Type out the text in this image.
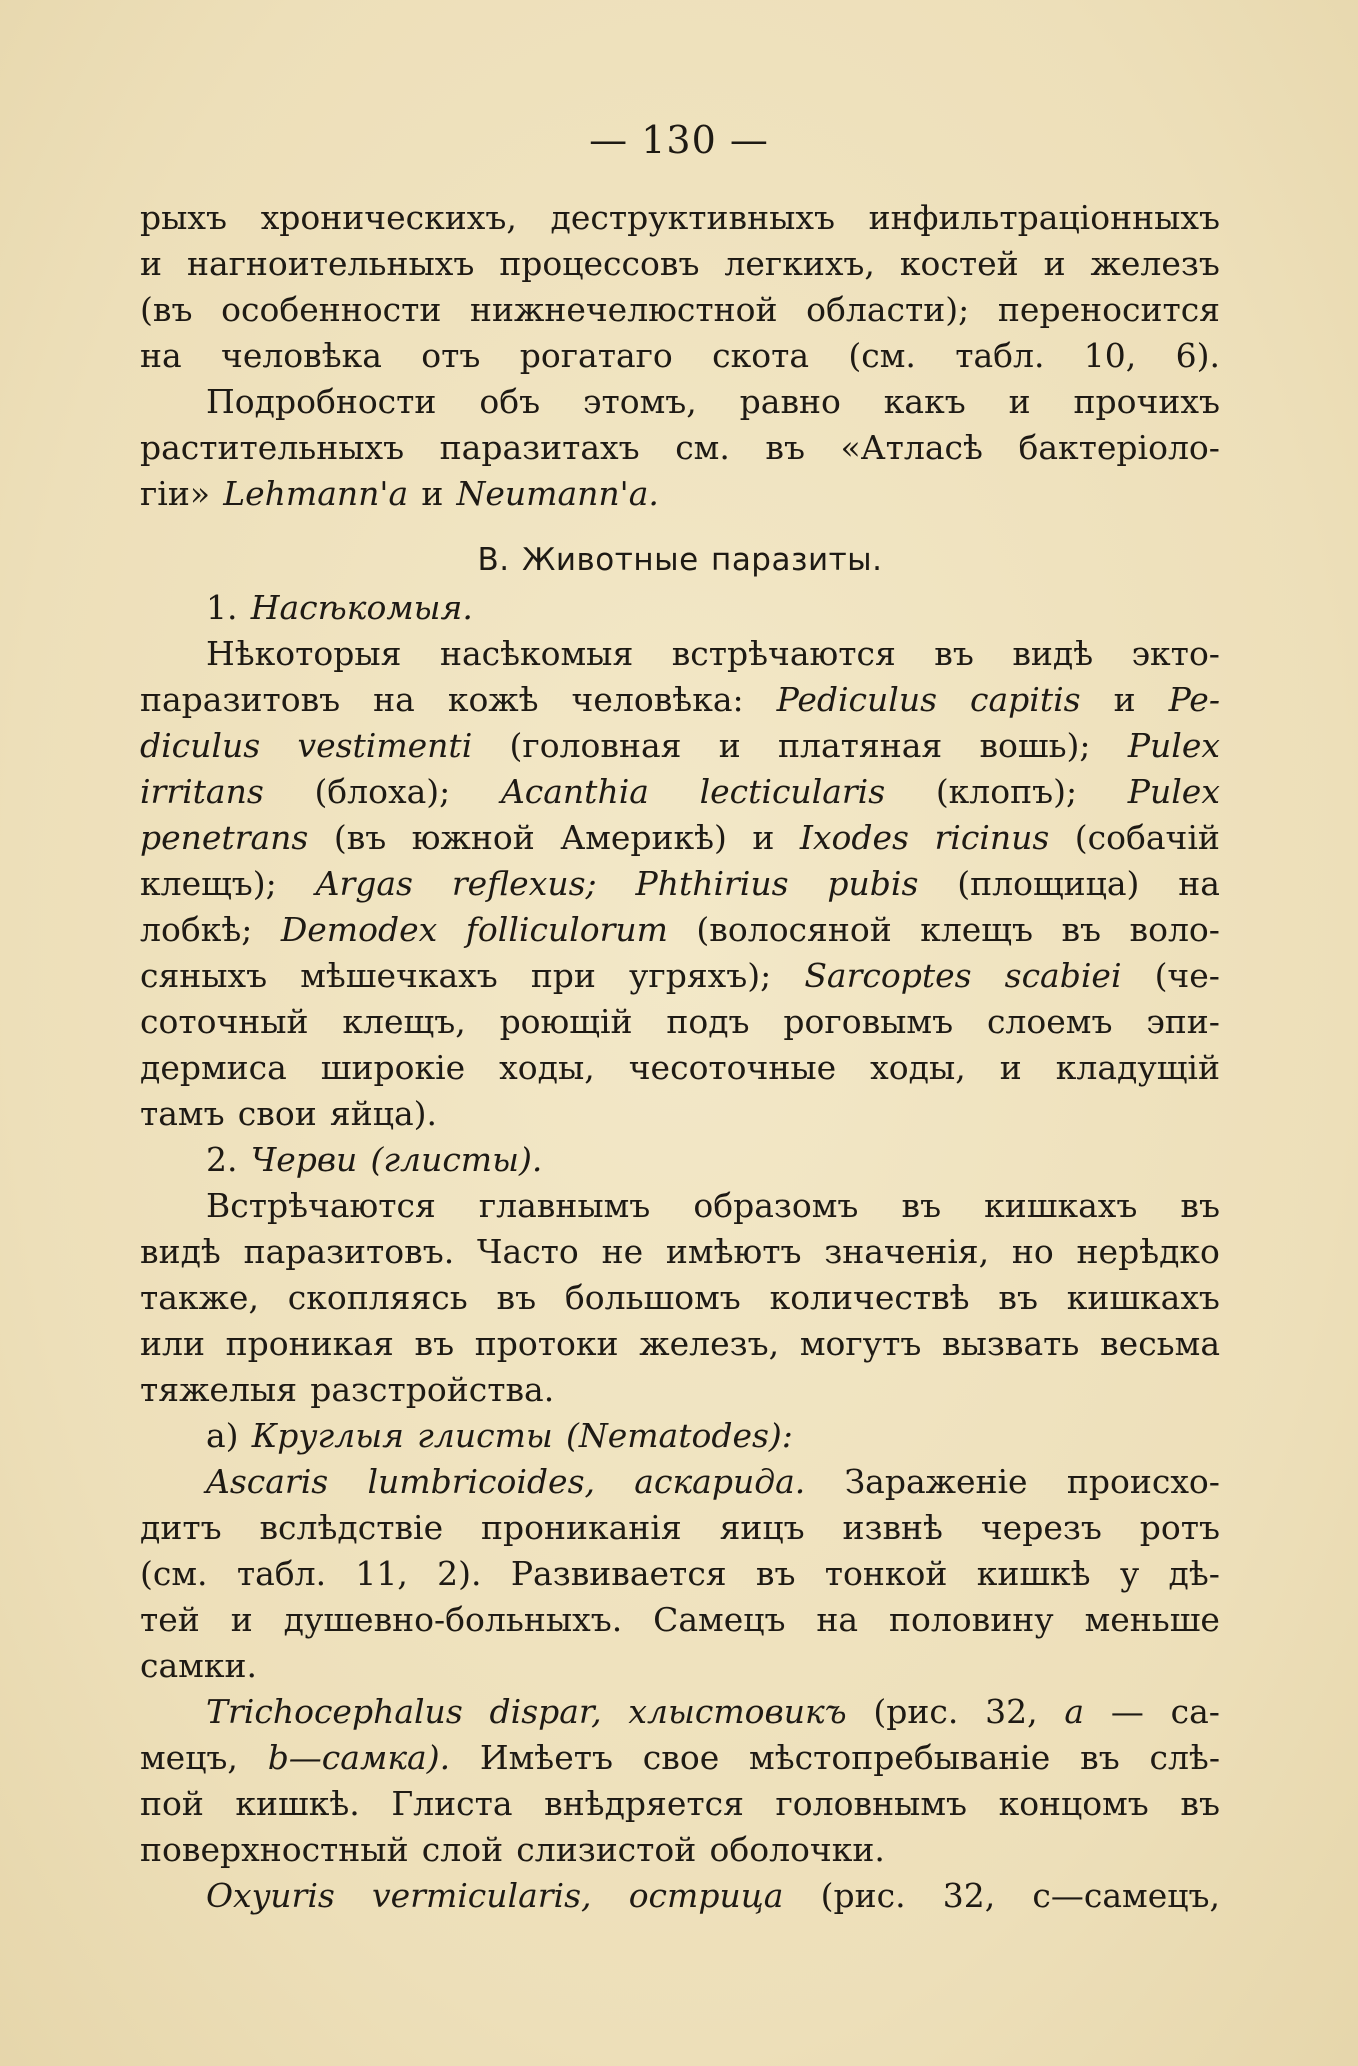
— 130 —
рыхъ хроническихъ, деструктивныхъ инфильтраціонныхъ
и нагноительныхъ процессовъ легкихъ, костей и железъ
(въ особенности нижнечелюстной области); переносится
на человѣка отъ рогатаго скота (см. табл. 10, 6).
Подробности объ этомъ, равно какъ и прочихъ
растительныхъ паразитахъ см. въ «Атласѣ бактеріоло-
гіи» Lehmann'a и Neumann'a.
В. Животные паразиты.
1. Насѣкомыя.
Нѣкоторыя насѣкомыя встрѣчаются въ видѣ экто-
паразитовъ на кожѣ человѣка: Pediculus capitis и Pe-
diculus vestimenti (головная и платяная вошь); Pulex
irritans (блоха); Acanthia lecticularis (клопъ); Pulex
penetrans (въ южной Америкѣ) и Ixodes ricinus (собачій
клещъ); Argas reflexus; Phthirius pubis (площица) на
лобкѣ; Demodex folliculorum (волосяной клещъ въ воло-
сяныхъ мѣшечкахъ при угряхъ); Sarcoptes scabiei (че-
соточный клещъ, роющій подъ роговымъ слоемъ эпи-
дермиса широкіе ходы, чесоточные ходы, и кладущій
тамъ свои яйца).
2. Черви (глисты).
Встрѣчаются главнымъ образомъ въ кишкахъ въ
видѣ паразитовъ. Часто не имѣютъ значенія, но нерѣдко
также, скопляясь въ большомъ количествѣ въ кишкахъ
или проникая въ протоки железъ, могутъ вызвать весьма
тяжелыя разстройства.
a) Круглыя глисты (Nematodes):
Ascaris lumbricoides, аскарида. Зараженіе происхо-
дитъ вслѣдствіе прониканія яицъ извнѣ черезъ ротъ
(см. табл. 11, 2). Развивается въ тонкой кишкѣ у дѣ-
тей и душевно-больныхъ. Самецъ на половину меньше
самки.
Trichocephalus dispar, хлыстовикъ (рис. 32, a — са-
мецъ, b—самка). Имѣетъ свое мѣстопребываніе въ слѣ-
пой кишкѣ. Глиста внѣдряется головнымъ концомъ въ
поверхностный слой слизистой оболочки.
Oxyuris vermicularis, острица (рис. 32, c—самецъ,
